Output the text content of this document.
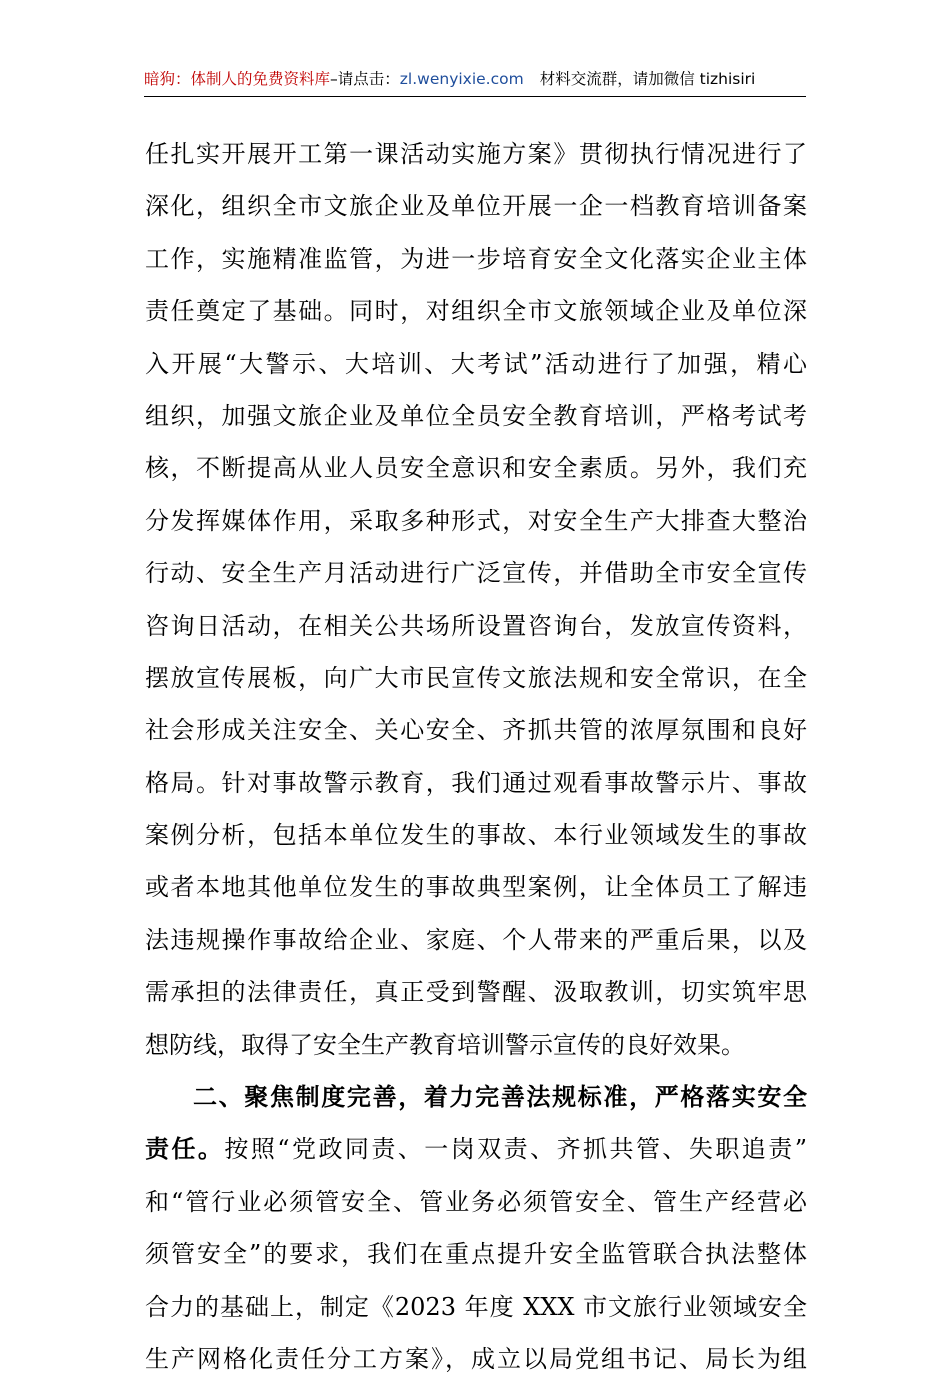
暗狗：体制人的免费资料库–请点击：zl.wenyixie.com 材料交流群，请加微信 tizhisiri
任扎实开展开工第一课活动实施方案》贯彻执行情况进行了
深化，组织全市文旅企业及单位开展一企一档教育培训备案
工作，实施精准监管，为进一步培育安全文化落实企业主体
责任奠定了基础。同时，对组织全市文旅领域企业及单位深
入开展“大警示、大培训、大考试”活动进行了加强，精心
组织，加强文旅企业及单位全员安全教育培训，严格考试考
核，不断提高从业人员安全意识和安全素质。另外，我们充
分发挥媒体作用，采取多种形式，对安全生产大排查大整治
行动、安全生产月活动进行广泛宣传，并借助全市安全宣传
咨询日活动，在相关公共场所设置咨询台，发放宣传资料，
摆放宣传展板，向广大市民宣传文旅法规和安全常识，在全
社会形成关注安全、关心安全、齐抓共管的浓厚氛围和良好
格局。针对事故警示教育，我们通过观看事故警示片、事故
案例分析，包括本单位发生的事故、本行业领域发生的事故
或者本地其他单位发生的事故典型案例，让全体员工了解违
法违规操作事故给企业、家庭、个人带来的严重后果，以及
需承担的法律责任，真正受到警醒、汲取教训，切实筑牢思
想防线，取得了安全生产教育培训警示宣传的良好效果。
二、聚焦制度完善，着力完善法规标准，严格落实安全
责任。按照“党政同责、一岗双责、齐抓共管、失职追责”
和“管行业必须管安全、管业务必须管安全、管生产经营必
须管安全”的要求，我们在重点提升安全监管联合执法整体
合力的基础上，制定《2023 年度 XXX 市文旅行业领域安全
生产网格化责任分工方案》，成立以局党组书记、局长为组
